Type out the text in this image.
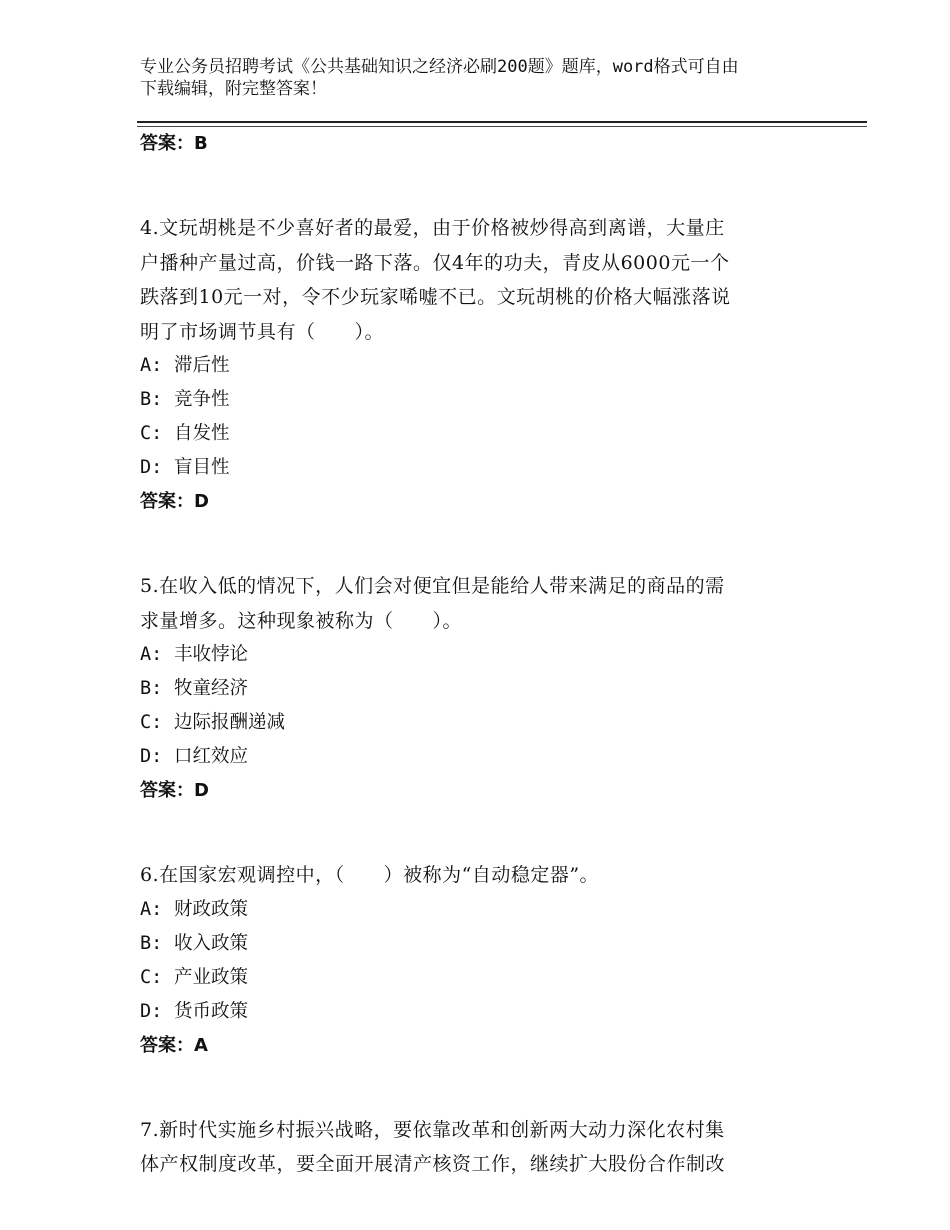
专业公务员招聘考试《公共基础知识之经济必刷200题》题库，word格式可自由
下载编辑，附完整答案！

答案：B

4.文玩胡桃是不少喜好者的最爱，由于价格被炒得高到离谱，大量庄

户播种产量过高，价钱一路下落。仅4年的功夫，青皮从6000元一个

跌落到10元一对，令不少玩家唏嘘不已。文玩胡桃的价格大幅涨落说

明了市场调节具有（　　）。

A: 滞后性

B: 竞争性

C: 自发性

D: 盲目性

答案：D

5.在收入低的情况下，人们会对便宜但是能给人带来满足的商品的需

求量增多。这种现象被称为（　　）。

A: 丰收悖论

B: 牧童经济

C: 边际报酬递减

D: 口红效应

答案：D

6.在国家宏观调控中，（　　）被称为“自动稳定器”。

A: 财政政策

B: 收入政策

C: 产业政策

D: 货币政策

答案：A

7.新时代实施乡村振兴战略，要依靠改革和创新两大动力深化农村集

体产权制度改革，要全面开展清产核资工作，继续扩大股份合作制改
